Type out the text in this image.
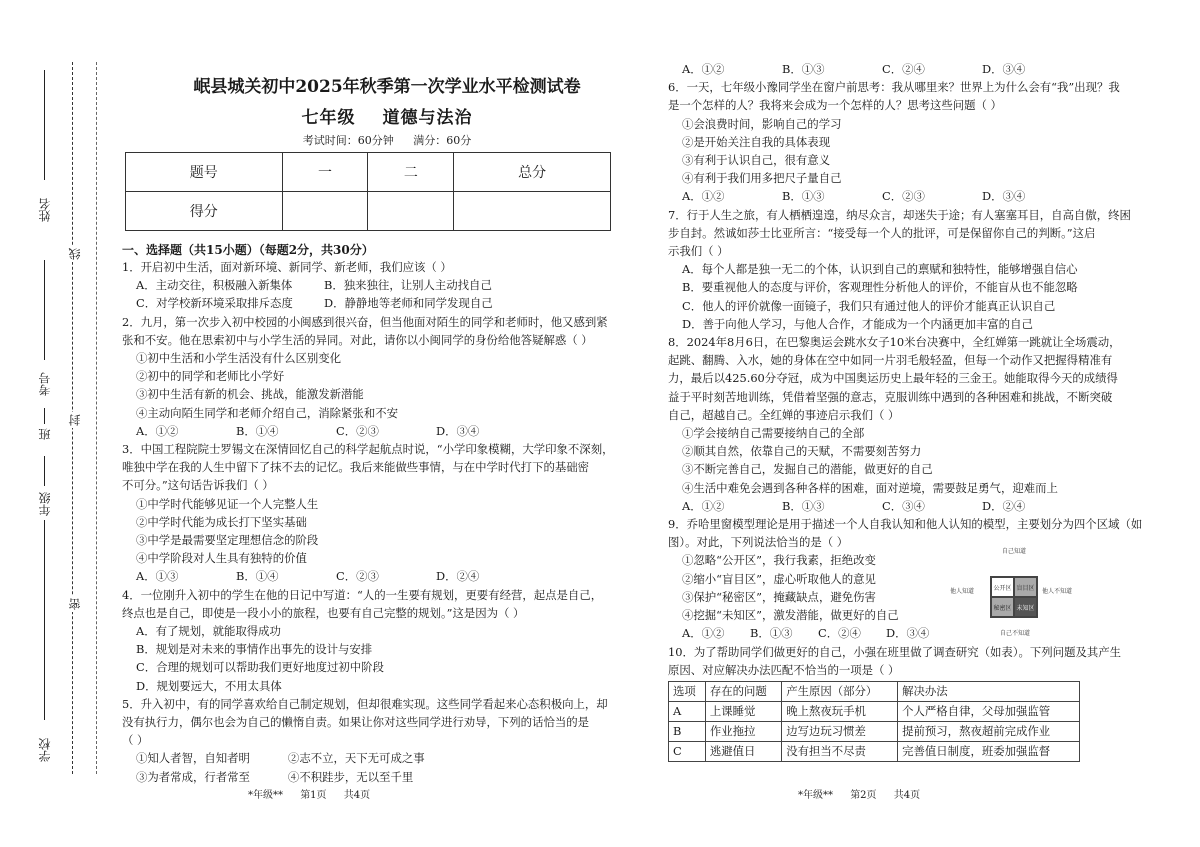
姓名
考号
班
年级
学校
线
封
密
岷县城关初中2025年秋季第一次学业水平检测试卷
七年级 道德与法治
考试时间：60分钟 满分：60分
题号	一	二	总分
得分			
一、选择题（共15小题）（每题2分，共30分）
1．开启初中生活，面对新环境、新同学、新老师，我们应该（ ）
A．主动交往，积极融入新集体	B．独来独往，让别人主动找自己
C．对学校新环境采取排斥态度	D．静静地等老师和同学发现自己
2．九月，第一次步入初中校园的小闽感到很兴奋，但当他面对陌生的同学和老师时，他又感到紧
张和不安。他在思索初中与小学生活的异同。对此，请你以小闽同学的身份给他答疑解惑（ ）
①初中生活和小学生活没有什么区别变化
②初中的同学和老师比小学好
③初中生活有新的机会、挑战，能激发新潜能
④主动向陌生同学和老师介绍自己，消除紧张和不安
A．①②	B．①④	C．②③	D．③④
3．中国工程院院士罗锡文在深情回忆自己的科学起航点时说，“小学印象模糊，大学印象不深刻，
唯独中学在我的人生中留下了抹不去的记忆。我后来能做些事情，与在中学时代打下的基础密
不可分。”这句话告诉我们（ ）
①中学时代能够见证一个人完整人生
②中学时代能为成长打下坚实基础
③中学是最需要坚定理想信念的阶段
④中学阶段对人生具有独特的价值
A．①③	B．①④	C．②③	D．②④
4．一位刚升入初中的学生在他的日记中写道：“人的一生要有规划，更要有经营，起点是自己，
终点也是自己，即使是一段小小的旅程，也要有自己完整的规划。”这是因为（ ）
A．有了规划，就能取得成功
B．规划是对未来的事情作出事先的设计与安排
C．合理的规划可以帮助我们更好地度过初中阶段
D．规划要远大，不用太具体
5．升入初中，有的同学喜欢给自己制定规划，但却很难实现。这些同学看起来心态积极向上，却
没有执行力，偶尔也会为自己的懒惰自责。如果让你对这些同学进行劝导，下列的话恰当的是
（ ）
①知人者智，自知者明	②志不立，天下无可成之事
③为者常成，行者常至	④不积跬步，无以至千里
*年级** 第1页 共4页
A．①②	B．①③	C．②④	D．③④
6．一天，七年级小豫同学坐在窗户前思考：我从哪里来？世界上为什么会有“我”出现？我
是一个怎样的人？我将来会成为一个怎样的人？思考这些问题（ ）
①会浪费时间，影响自己的学习
②是开始关注自我的具体表现
③有利于认识自己，很有意义
④有利于我们用多把尺子量自己
A．①②	B．①③	C．②③	D．③④
7．行于人生之旅，有人栖栖遑遑，纳尽众言，却迷失于途；有人塞塞耳目，自高自傲，终困
步自封。然诚如莎士比亚所言：“接受每一个人的批评，可是保留你自己的判断。”这启
示我们（ ）
A．每个人都是独一无二的个体，认识到自己的禀赋和独特性，能够增强自信心
B．要重视他人的态度与评价，客观理性分析他人的评价，不能盲从也不能忽略
C．他人的评价就像一面镜子，我们只有通过他人的评价才能真正认识自己
D．善于向他人学习，与他人合作，才能成为一个内涵更加丰富的自己
8．2024年8月6日，在巴黎奥运会跳水女子10米台决赛中，全红婵第一跳就让全场震动，
起跳、翻腾、入水，她的身体在空中如同一片羽毛般轻盈，但每一个动作又把握得精准有
力，最后以425.60分夺冠，成为中国奥运历史上最年轻的三金王。她能取得今天的成绩得
益于平时刻苦地训练，凭借着坚强的意志，克服训练中遇到的各种困难和挑战，不断突破
自己，超越自己。全红婵的事迹启示我们（ ）
①学会接纳自己需要接纳自己的全部
②顺其自然，依靠自己的天赋，不需要刻苦努力
③不断完善自己，发掘自己的潜能，做更好的自己
④生活中难免会遇到各种各样的困难，面对逆境，需要鼓足勇气，迎难而上
A．①②	B．①③	C．③④	D．②④
9．乔哈里窗模型理论是用于描述一个人自我认知和他人认知的模型，主要划分为四个区域（如
图）。对此，下列说法恰当的是（ ）
①忽略“公开区”，我行我素，拒绝改变
②缩小“盲目区”，虚心听取他人的意见
③保护“秘密区”，掩藏缺点，避免伤害
④挖掘“未知区”，激发潜能，做更好的自己
A．①②	B．①③	C．②④	D．③④
10．为了帮助同学们做更好的自己，小强在班里做了调查研究（如表）。下列问题及其产生
原因、对应解决办法匹配不恰当的一项是（ ）
选项	存在的问题	产生原因（部分）	解决办法
A	上课睡觉	晚上熬夜玩手机	个人严格自律，父母加强监管
B	作业拖拉	边写边玩习惯差	提前预习，熬夜超前完成作业
C	逃避值日	没有担当不尽责	完善值日制度，班委加强监督
自己知道
自己不知道
他人知道	他人不知道
公开区 盲目区
秘密区 未知区
*年级** 第2页 共4页
